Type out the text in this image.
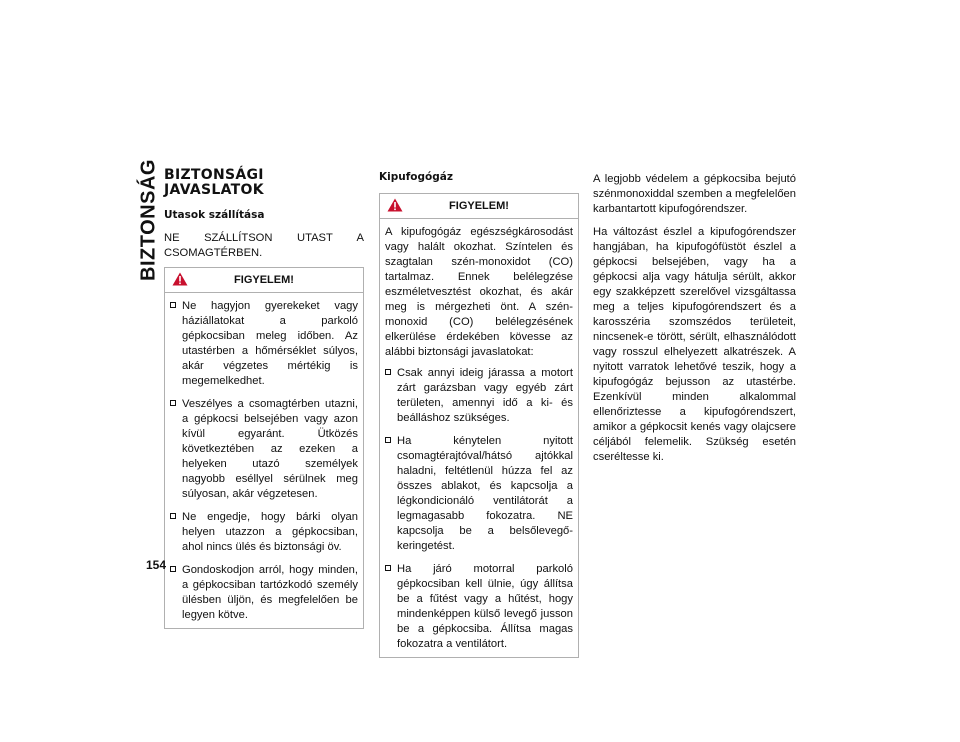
BIZTONSÁG BIZTONSÁGI JAVASLATOK
Utasok szállítása

NE SZÁLLÍTSON UTAST A CSOMAGTÉRBEN.

FIGYELEM!
Ne hagyjon gyerekeket vagy háziállatokat a parkoló gépkocsiban meleg időben. Az utastérben a hőmérséklet súlyos, akár végzetes mértékig is megemelkedhet.
Veszélyes a csomagtérben utazni, a gépkocsi belsejében vagy azon kívül egyaránt. Ütközés következtében az ezeken a helyeken utazó személyek nagyobb eséllyel sérülnek meg súlyosan, akár végzetesen.
Ne engedje, hogy bárki olyan helyen utazzon a gépkocsiban, ahol nincs ülés és biztonsági öv.
Gondoskodjon arról, hogy minden, a gépkocsiban tartózkodó személy ülésben üljön, és megfelelően be legyen kötve.
Kipufogógáz
FIGYELEM!

A kipufogógáz egészségkárosodást vagy halált okozhat. Színtelen és szagtalan szén-monoxidot (CO) tartalmaz. Ennek belélegzése eszméletvesztést okozhat, és akár meg is mérgezheti önt. A szén-monoxid (CO) belélegzésének elkerülése érdekében kövesse az alábbi biztonsági javaslatokat:

Csak annyi ideig járassa a motort zárt garázsban vagy egyéb zárt területen, amennyi idő a ki- és beálláshoz szükséges.
Ha kénytelen nyitott csomagtérajtóval/hátsó ajtókkal haladni, feltétlenül húzza fel az összes ablakot, és kapcsolja a légkondicionáló ventilátorát a legmagasabb fokozatra. NE kapcsolja be a belsőlevegő-keringetést.
Ha járó motorral parkoló gépkocsiban kell ülnie, úgy állítsa be a fűtést vagy a hűtést, hogy mindenképpen külső levegő jusson be a gépkocsiba. Állítsa magas fokozatra a ventilátort.

A legjobb védelem a gépkocsiba bejutó szénmonoxiddal szemben a megfelelően karbantartott kipufogórendszer.

Ha változást észlel a kipufogórendszer hangjában, ha kipufogófüstöt észlel a gépkocsi belsejében, vagy ha a gépkocsi alja vagy hátulja sérült, akkor egy szakképzett szerelővel vizsgáltassa meg a teljes kipufogórendszert és a karosszéria szomszédos területeit, nincsenek-e törött, sérült, elhasználódott vagy rosszul elhelyezett alkatrészek. A nyitott varratok lehetővé teszik, hogy a kipufogógáz bejusson az utastérbe. Ezenkívül minden alkalommal ellenőriztesse a kipufogórendszert, amikor a gépkocsit kenés vagy olajcsere céljából felemelik. Szükség esetén cseréltesse ki.

154
